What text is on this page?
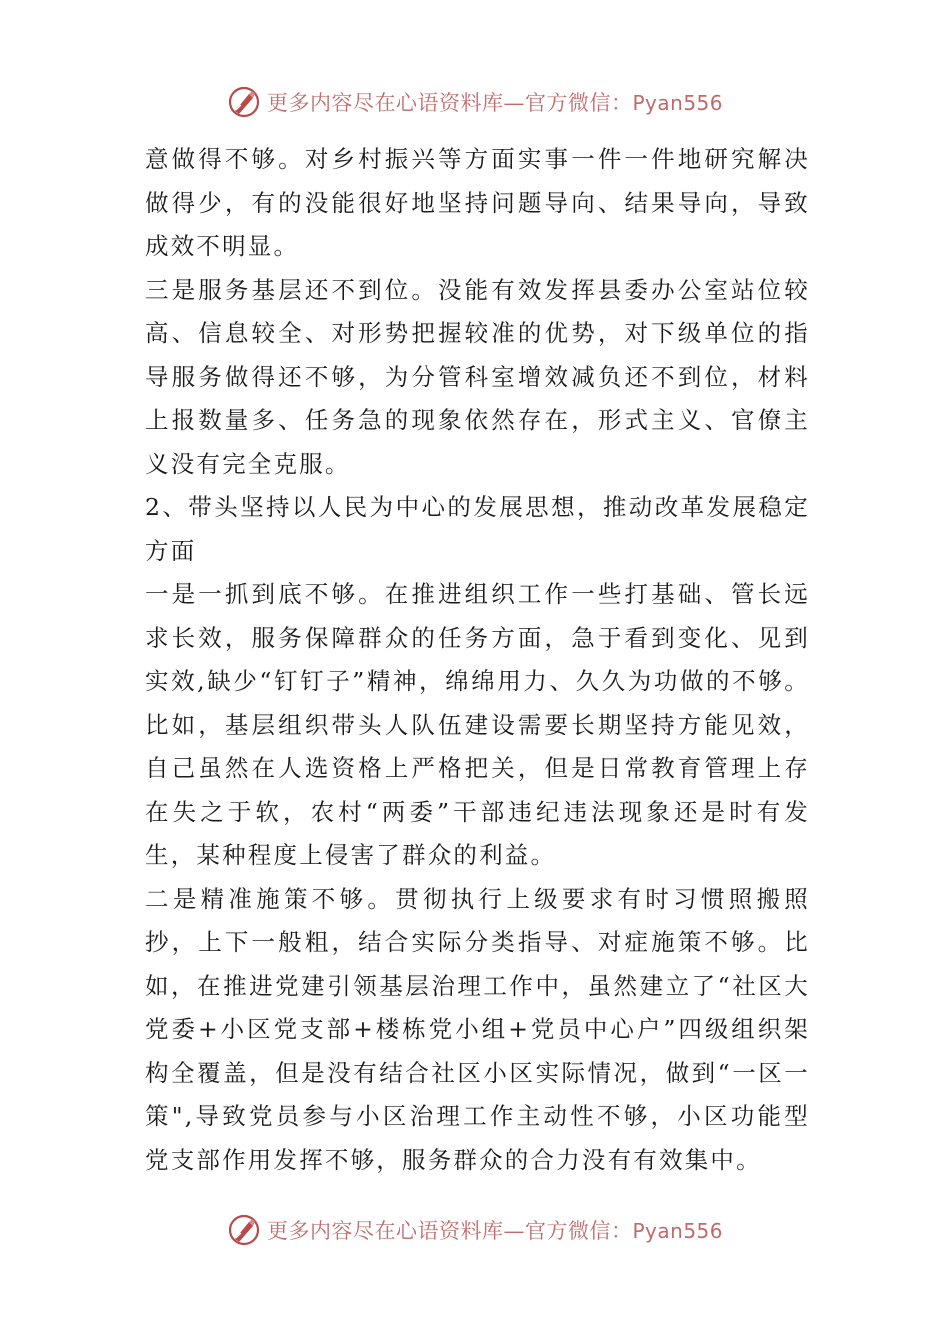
更多内容尽在心语资料库—官方微信：Pyan556

意做得不够。对乡村振兴等方面实事一件一件地研究解决做得少，有的没能很好地坚持问题导向、结果导向，导致成效不明显。

三是服务基层还不到位。没能有效发挥县委办公室站位较高、信息较全、对形势把握较准的优势，对下级单位的指导服务做得还不够，为分管科室增效减负还不到位，材料上报数量多、任务急的现象依然存在，形式主义、官僚主义没有完全克服。

2、带头坚持以人民为中心的发展思想，推动改革发展稳定方面

一是一抓到底不够。在推进组织工作一些打基础、管长远求长效，服务保障群众的任务方面，急于看到变化、见到实效,缺少“钉钉子”精神，绵绵用力、久久为功做的不够。比如，基层组织带头人队伍建设需要长期坚持方能见效，自己虽然在人选资格上严格把关，但是日常教育管理上存在失之于软，农村“两委”干部违纪违法现象还是时有发生，某种程度上侵害了群众的利益。

二是精准施策不够。贯彻执行上级要求有时习惯照搬照抄，上下一般粗，结合实际分类指导、对症施策不够。比如，在推进党建引领基层治理工作中，虽然建立了“社区大党委+小区党支部+楼栋党小组+党员中心户”四级组织架构全覆盖，但是没有结合社区小区实际情况，做到“一区一策",导致党员参与小区治理工作主动性不够，小区功能型党支部作用发挥不够，服务群众的合力没有有效集中。

更多内容尽在心语资料库—官方微信：Pyan556
